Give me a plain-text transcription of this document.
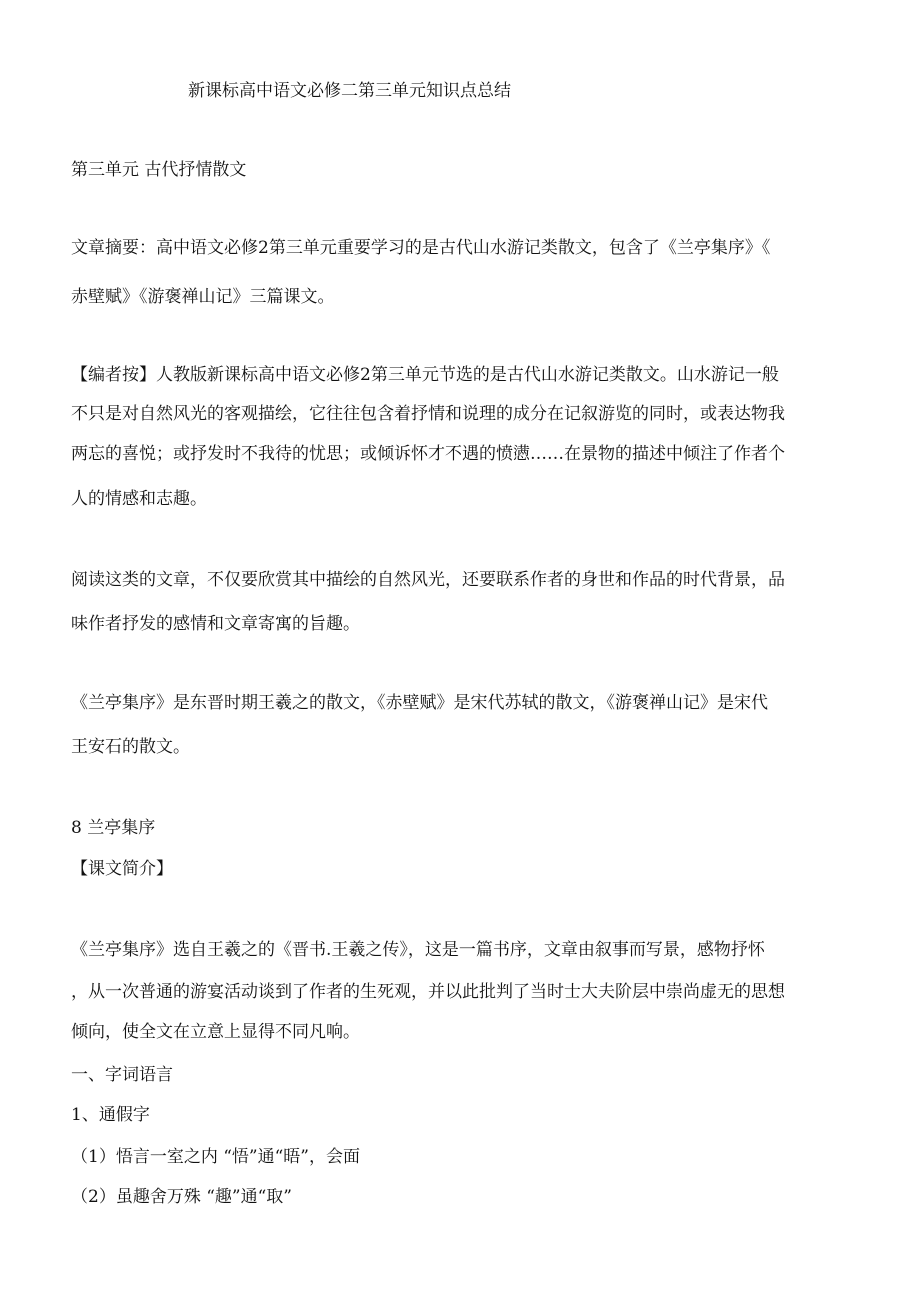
新课标高中语文必修二第三单元知识点总结
第三单元 古代抒情散文
文章摘要：高中语文必修2第三单元重要学习的是古代山水游记类散文，包含了《兰亭集序》《
赤壁赋》《游褒禅山记》三篇课文。
【编者按】人教版新课标高中语文必修2第三单元节选的是古代山水游记类散文。山水游记一般
不只是对自然风光的客观描绘，它往往包含着抒情和说理的成分在记叙游览的同时，或表达物我
两忘的喜悦；或抒发时不我待的忧思；或倾诉怀才不遇的愤懑……在景物的描述中倾注了作者个
人的情感和志趣。
阅读这类的文章，不仅要欣赏其中描绘的自然风光，还要联系作者的身世和作品的时代背景，品
味作者抒发的感情和文章寄寓的旨趣。
《兰亭集序》是东晋时期王羲之的散文，《赤壁赋》是宋代苏轼的散文，《游褒禅山记》是宋代
王安石的散文。
8 兰亭集序
【课文简介】
《兰亭集序》选自王羲之的《晋书.王羲之传》，这是一篇书序，文章由叙事而写景，感物抒怀
，从一次普通的游宴活动谈到了作者的生死观，并以此批判了当时士大夫阶层中崇尚虚无的思想
倾向，使全文在立意上显得不同凡响。
一、字词语言
1、通假字
（1）悟言一室之内 “悟”通“晤”，会面
（2）虽趣舍万殊 “趣”通“取”
